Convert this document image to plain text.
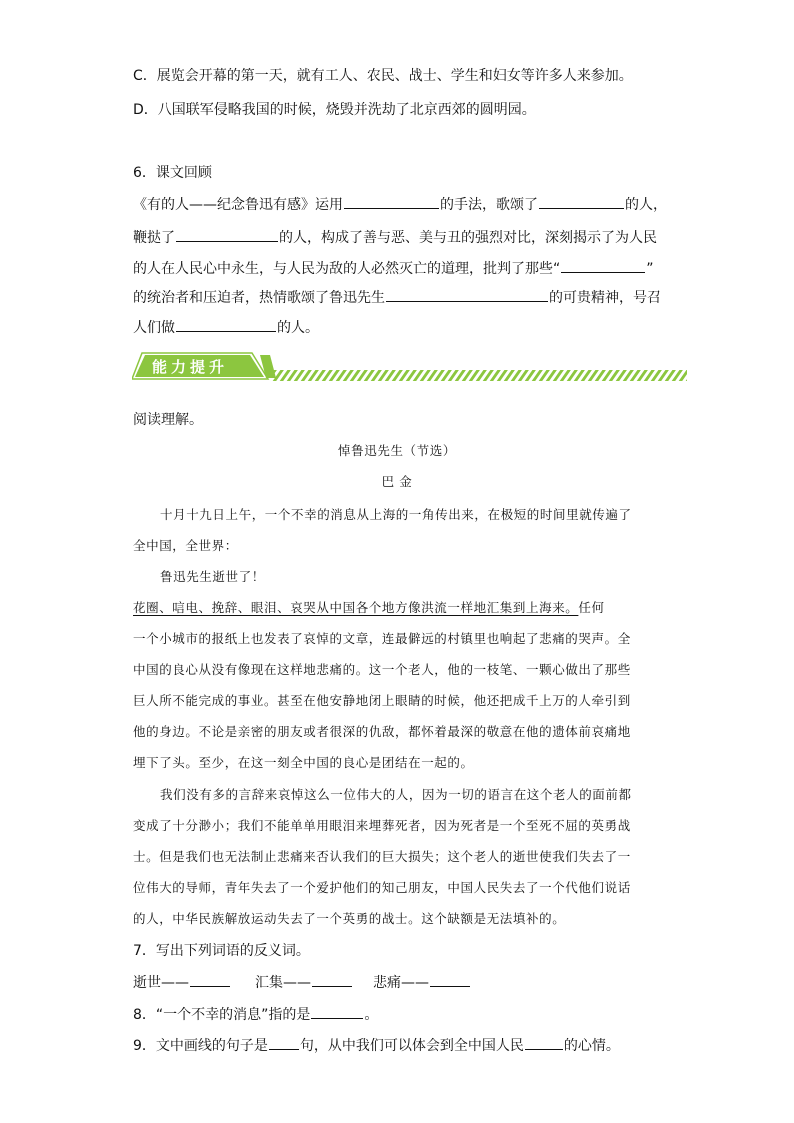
C．展览会开幕的第一天，就有工人、农民、战士、学生和妇女等许多人来参加。
D．八国联军侵略我国的时候，烧毁并洗劫了北京西郊的圆明园。
6．课文回顾
《有的人——纪念鲁迅有感》运用	的手法，歌颂了	的人，
鞭挞了	的人，构成了善与恶、美与丑的强烈对比，深刻揭示了为人民
的人在人民心中永生，与人民为敌的人必然灭亡的道理，批判了那些“	”
的统治者和压迫者，热情歌颂了鲁迅先生	的可贵精神，号召
人们做	的人。
能力提升
阅读理解。
悼鲁迅先生（节选）
巴 金
十月十九日上午，一个不幸的消息从上海的一角传出来，在极短的时间里就传遍了
全中国，全世界：
鲁迅先生逝世了！
花圈、唁电、挽辞、眼泪、哀哭从中国各个地方像洪流一样地汇集到上海来。任何
一个小城市的报纸上也发表了哀悼的文章，连最僻远的村镇里也响起了悲痛的哭声。全
中国的良心从没有像现在这样地悲痛的。这一个老人，他的一枝笔、一颗心做出了那些
巨人所不能完成的事业。甚至在他安静地闭上眼睛的时候，他还把成千上万的人牵引到
他的身边。不论是亲密的朋友或者很深的仇敌，都怀着最深的敬意在他的遗体前哀痛地
埋下了头。至少，在这一刻全中国的良心是团结在一起的。
我们没有多的言辞来哀悼这么一位伟大的人，因为一切的语言在这个老人的面前都
变成了十分渺小；我们不能单单用眼泪来埋葬死者，因为死者是一个至死不屈的英勇战
士。但是我们也无法制止悲痛来否认我们的巨大损失；这个老人的逝世使我们失去了一
位伟大的导师，青年失去了一个爱护他们的知己朋友，中国人民失去了一个代他们说话
的人，中华民族解放运动失去了一个英勇的战士。这个缺额是无法填补的。
7．写出下列词语的反义词。
逝世——	汇集——	悲痛——
8．“一个不幸的消息”指的是	。
9．文中画线的句子是 句，从中我们可以体会到全中国人民	的心情。
